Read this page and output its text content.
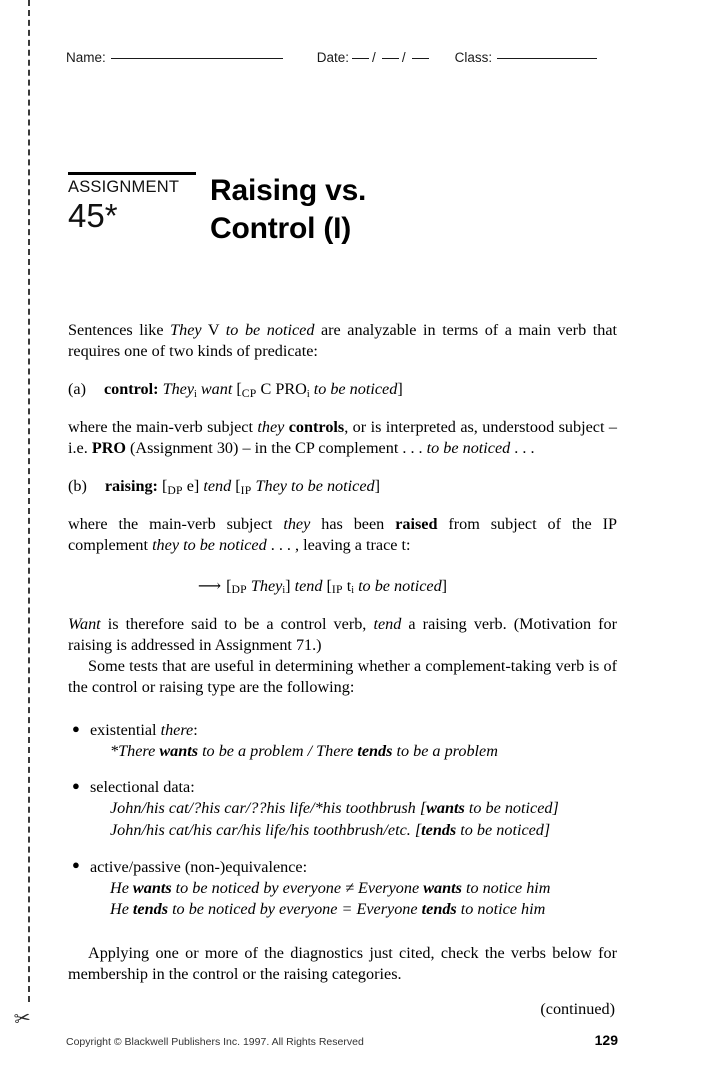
✂
Name:	Date: / /	Class:
ASSIGNMENT
45*
Raising vs.
Control (I)

Sentences like They V to be noticed are analyzable in terms of a main verb that requires one of two kinds of predicate:

(a) control: They$_i$ want [CP C $PRO_i$ to be noticed]

where the main-verb subject they controls, or is interpreted as, understood subject – i.e. PRO (Assignment 30) – in the CP complement . . . to be noticed . . .

(b) raising: [DP e] tend [IP They to be noticed]

where the main-verb subject they has been raised from subject of the IP complement they to be noticed . . . , leaving a trace t:

⟶ [DP They$_i$] tend [IP $t_i$ to be noticed]

Want is therefore said to be a control verb, tend a raising verb. (Motivation for raising is addressed in Assignment 71.)

Some tests that are useful in determining whether a complement-taking verb is of the control or raising type are the following:

● existential there:
*There wants to be a problem / There tends to be a problem
● selectional data:
John/his cat/?his car/??his life/*his toothbrush [wants to be noticed]
John/his cat/his car/his life/his toothbrush/etc. [tends to be noticed]
● active/passive (non-)equivalence:
He wants to be noticed by everyone ≠ Everyone wants to notice him
He tends to be noticed by everyone = Everyone tends to notice him

Applying one or more of the diagnostics just cited, check the verbs below for membership in the control or the raising categories.

(continued)

Copyright © Blackwell Publishers Inc. 1997. All Rights Reserved	129
